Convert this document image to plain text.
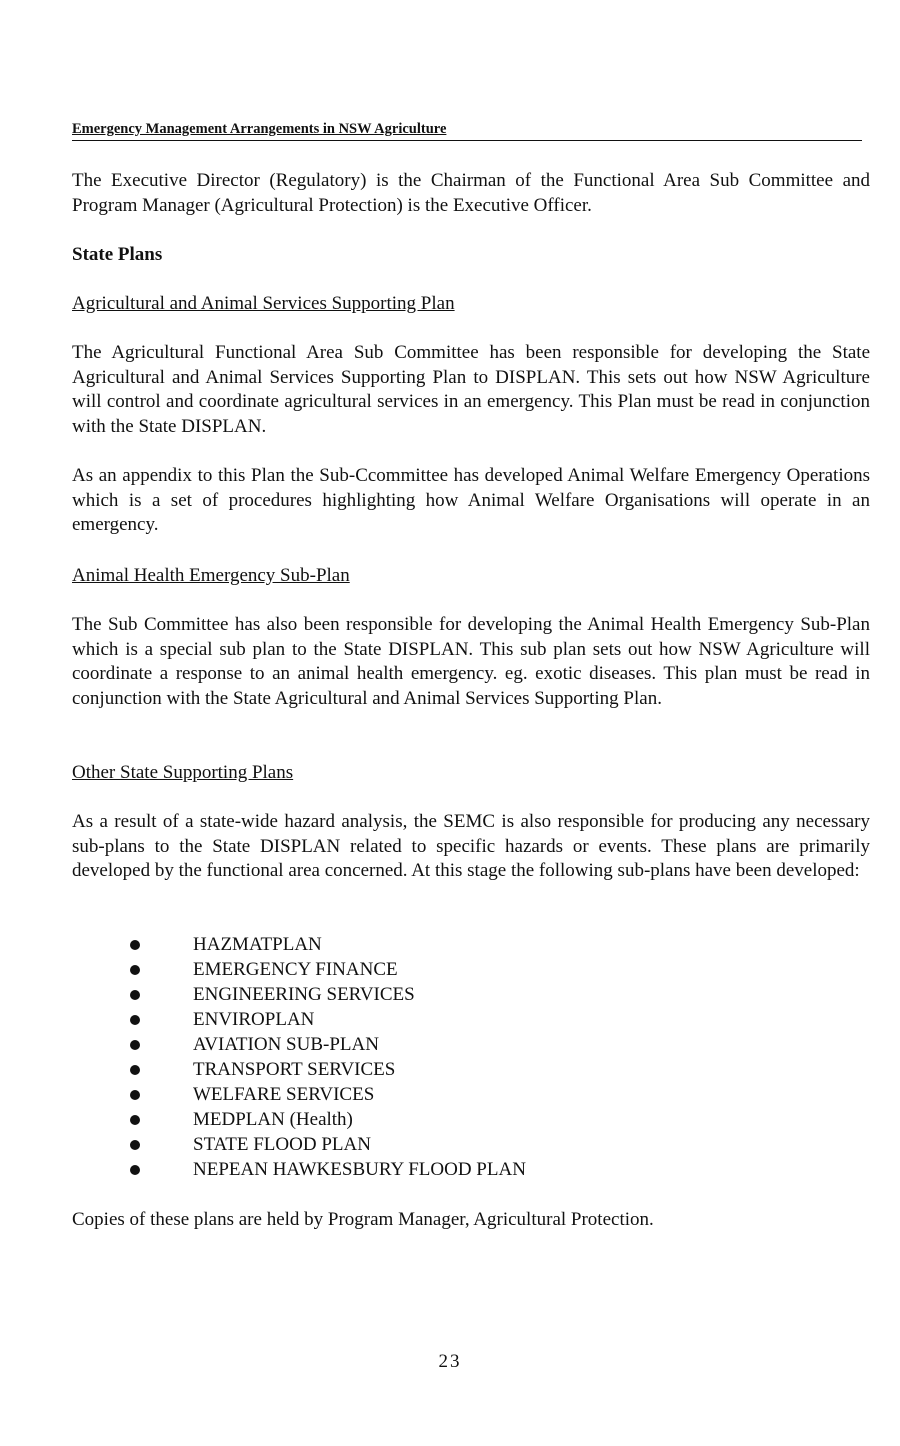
Emergency Management Arrangements in NSW Agriculture

The Executive Director (Regulatory) is the Chairman of the Functional Area Sub Committee and Program Manager (Agricultural Protection) is the Executive Officer.

State Plans

Agricultural and Animal Services Supporting Plan

The Agricultural Functional Area Sub Committee has been responsible for developing the State Agricultural and Animal Services Supporting Plan to DISPLAN. This sets out how NSW Agriculture will control and coordinate agricultural services in an emergency. This Plan must be read in conjunction with the State DISPLAN.

As an appendix to this Plan the Sub-Ccommittee has developed Animal Welfare Emergency Operations which is a set of procedures highlighting how Animal Welfare Organisations will operate in an emergency.

Animal Health Emergency Sub-Plan

The Sub Committee has also been responsible for developing the Animal Health Emergency Sub-Plan which is a special sub plan to the State DISPLAN. This sub plan sets out how NSW Agriculture will coordinate a response to an animal health emergency. eg. exotic diseases. This plan must be read in conjunction with the State Agricultural and Animal Services Supporting Plan.

Other State Supporting Plans

As a result of a state-wide hazard analysis, the SEMC is also responsible for producing any necessary sub-plans to the State DISPLAN related to specific hazards or events. These plans are primarily developed by the functional area concerned. At this stage the following sub-plans have been developed:

HAZMATPLAN
EMERGENCY FINANCE
ENGINEERING SERVICES
ENVIROPLAN
AVIATION SUB-PLAN
TRANSPORT SERVICES
WELFARE SERVICES
MEDPLAN (Health)
STATE FLOOD PLAN
NEPEAN HAWKESBURY FLOOD PLAN

Copies of these plans are held by Program Manager, Agricultural Protection.

23
